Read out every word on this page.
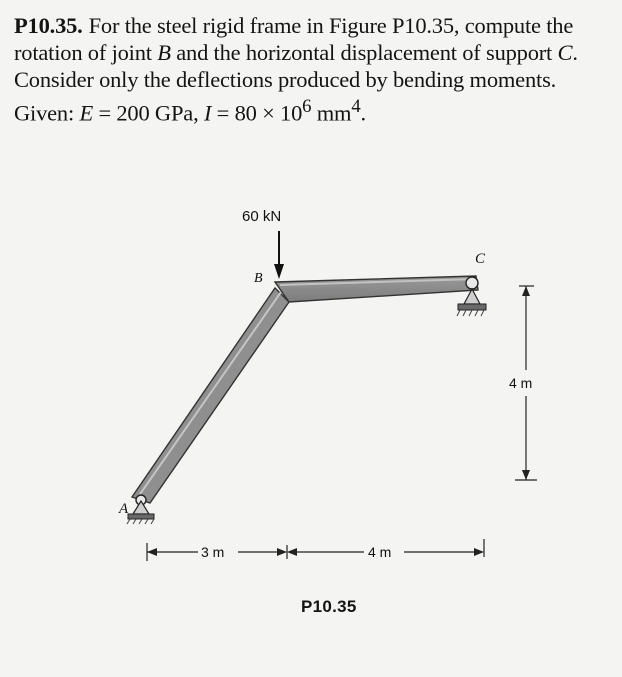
P10.35. For the steel rigid frame in Figure P10.35, compute the rotation of joint B and the horizontal displacement of support C. Consider only the deflections produced by bending moments. Given: E = 200 GPa, $I = 80 \times 10^6$ $mm^4$.

60 kN
B
A
C
4 m
3 m	4 m
P10.35
